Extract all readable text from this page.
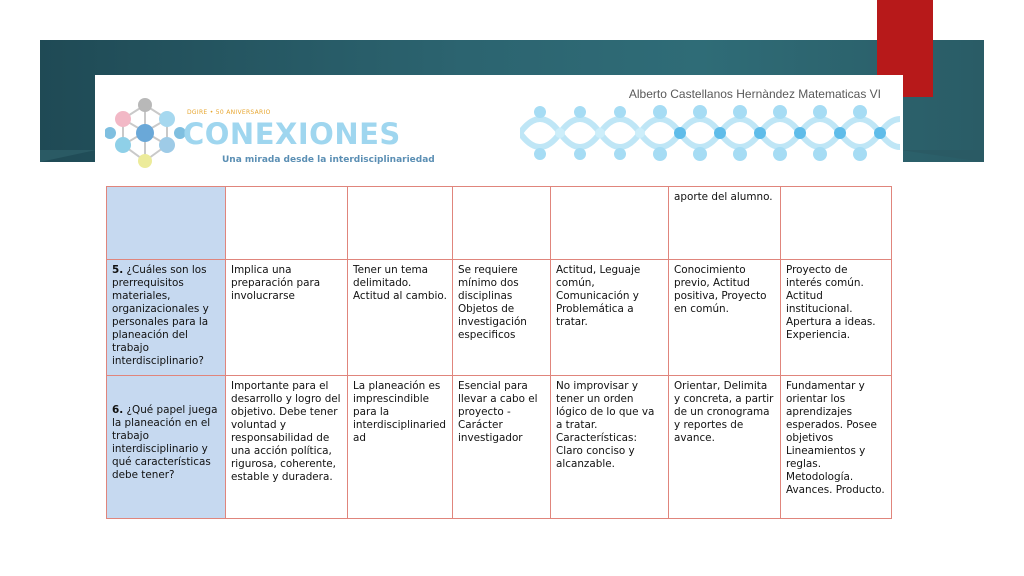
DGIRE • 50 ANIVERSARIO
CONEXIONES
Una mirada desde la interdisciplinariedad
Alberto Castellanos Hernàndez Matematicas VI
					aporte del alumno.	
5. ¿Cuáles son los prerrequisitos materiales, organizacionales y personales para la planeación del trabajo interdisciplinario?	Implica una preparación para involucrarse	Tener un tema delimitado. Actitud al cambio.	Se requiere mínimo dos disciplinas Objetos de investigación especificos	Actitud, Leguaje común, Comunicación y Problemática a tratar.	Conocimiento previo, Actitud positiva, Proyecto en común.	Proyecto de interés común. Actitud institucional. Apertura a ideas. Experiencia.

6. ¿Qué papel juega la planeación en el trabajo interdisciplinario y qué características debe tener?	Importante para el desarrollo y logro del objetivo. Debe tener voluntad y responsabilidad de una acción política, rigurosa, coherente, estable y duradera.	La planeación es imprescindible para la interdisciplinaried ad	Esencial para llevar a cabo el proyecto -Carácter investigador	No improvisar y tener un orden lógico de lo que va a tratar. Características: Claro conciso y alcanzable.	Orientar, Delimita y concreta, a partir de un cronograma y reportes de avance.	Fundamentar y orientar los aprendizajes esperados. Posee objetivos Lineamientos y reglas. Metodología. Avances. Producto.
